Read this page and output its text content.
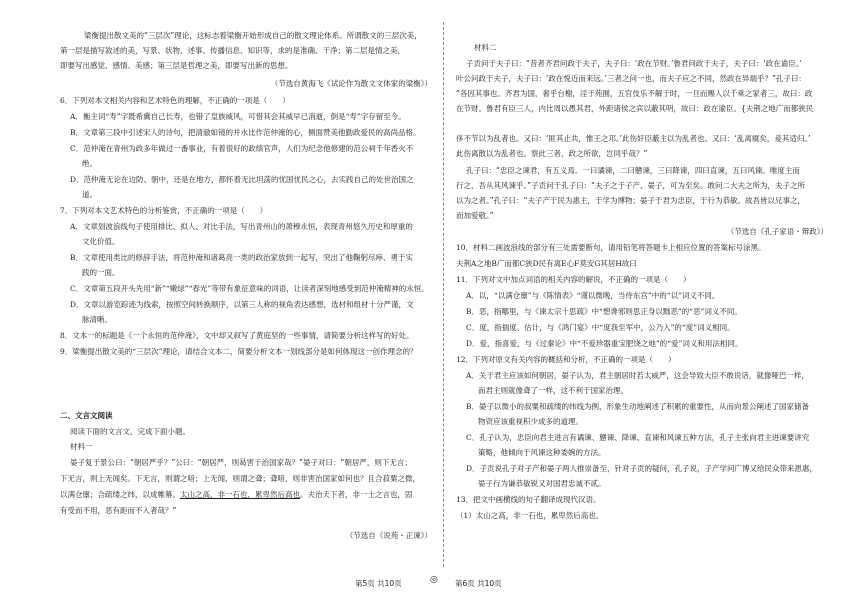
梁衡提出散文美的“三层次”理论，这标志着梁衡开始形成自己的散文理论体系。所谓散文的三层次美，
第一层是描写敘述的美，写景、状物、述事、传播信息、知识等，求的是准确、干净；第二层是情之美，
即要写出感觉、感情、美感；第三层是哲理之美，即要写出新的思想。
（节选自黄海飞《试论作为散文文体家的梁衡》）
6．下列对本文相关内容和艺术特色的理解，不正确的一项是（　　）
A．衡主词“寿”字既希冀自己长寿，也错了皇族威风，可惜其会其威早已消逝，倒是“寿”字存留至今。
B．文章第三段中引述宋人的诗句，把清澈如镜的井水比作范仲淹的心，侧面赞美他勤政爱民的高尚品格。
C．范仲淹在青州为政多年做过一番事业，有着很好的政绩官声，人们为纪念他修建的范公祠千年香火不
绝。
D．范仲淹无论在边防、朝中，还是在地方，都怀着无比坦荡的忧国忧民之心，去实践自己的处世治国之
道。
7．下列对本文艺术特色的分析鉴赏，不正确的一项是（　　）
A．文章划波浪线句子使用排比、拟人、对比手法，写出青州山的萧穆永恒，表现青州悠久历史和厚重的
文化价值。
B．文章使用类比的修辞手法，将范仲淹和诸葛亮一类的政治家放到一起写，突出了他鞠躬尽瘁、勇于实
践的一面。
C．文章第五段开头先用“新”“嫩绿”“春光”等带有象征意味的词语，让读者深刻地感受到范仲淹精神的永恒。
D．文章以游览踪迹为线索，按照空间转换顺序，以第三人称的视角表达感想，选材和组材十分严谨，文
脉清晰。
8．文本一的标题是《一个永恒的范仲淹》，文中却又叙写了黄庭坚的一些事情，请简要分析这样写的好处。
9．梁衡提出散文美的“三层次”理论，请结合文本二，简要分析文本一划线部分是如何体现这一创作理念的？
二、文言文阅读
阅读下面的文言文，完成下面小题。
材料一
晏子复于景公曰：“朝居严乎？”公曰：“朝居严，则曷害于治国家哉？”晏子对曰：“朝居严，则下无言；
下无言，则上无闻矣。下无言，则谓之喑；上无闻，则谓之聋；聋喑，则非害治国家如何也？且合菽粟之微，
以满仓廪；合疏缕之纬，以成帷幕。太山之高，非一石也，累卑然后高也。夫治天下者，非一士之言也，固
有受而不用，恶有距而不入者哉？”
（节选自《说苑・正谏》）
材料二
子贡问于夫子曰：“昔者齐君问政于夫子，夫子曰：‘政在节财。’鲁君问政于夫子，夫子曰：‘政在谕臣。’
叶公问政于夫子，夫子曰：‘政在悦近而来远。’三者之问一也，而夫子应之不同，然政在异端乎？”孔子曰：
“各因其事也。齐君为国，奢乎台榭，淫于苑囿，五官伎乐不解于时，一旦而赐人以千乘之家者三，故曰：政
在节财。鲁君有臣三人，内比周以愚其君，外距诸侯之宾以蔽其明，故曰：政在谕臣。{夫荆之地广而都狭民
侈不节以为乱者也。又曰：‘匪其止共，惟王之邛。’此伤奸臣蔽主以为乱者也。又曰：‘乱离瘼矣，爰其适归。’
此伤离散以为乱者也。察此三者，政之所欲，岂同乎哉？”
孔子曰：“忠臣之谏君，有五义焉。一曰谲谏，二曰戆谏，三曰降谏，四曰直谏，五曰风谏。唯度主而
行之，吾从其风谏乎。”子贡问于孔子曰：“夫子之于子产、晏子，可为至矣。敢问二大夫之所为，夫子之所
以为之者。”孔子曰：“夫子产于民为惠主，于学为博物；晏子于君为忠臣，于行为恭敏。故吾皆以兄事之，
而加爱敬。”
（节选自《孔子家语・辩政》）
10．材料二画波浪线的部分有三处需要断句，请用铅笔将答题卡上相应位置的答案标号涂黑。
夫荆A之地B广而都C狭D民有离E心F莫安G其居H故曰
11．下列对文中加点词语的相关内容的解说，不正确的一项是（　　）
A．以，“以满仓廪”与《陈情表》“谨以微晚，当侍东宫”中的“以”词义不同。
B．恶，指哪里，与《谏太宗十思疏》中“想谗邪则思正身以黜恶”的“恶”词义不同。
C．度，指揣度、估计，与《鸿门宴》中“度我至军中，公乃入”的“度”词义相同。
D．爱，指喜爱，与《过秦论》中“不爱珍器重宝肥饶之地”的“爱”词义和用法相同。
12．下列对原文有关内容的概括和分析，不正确的一项是（　　）
A．关于君主应该如何朝居，晏子认为，君主朝居时若太威严，这会导致大臣不敢说话，就像哑巴一样，
而君主则就像聋了一样，这不利于国家治理。
B．晏子以微小的叔粟和疏缕的纬线为例，形象生动地阐述了积累的重要性，从而向景公阐述了国家储备
物资应该重视积少成多的道理。
C．孔子认为，忠臣向君主进言有谲谏、戆谏、降谏、直谏和风谏五种方法，孔子主张向君主进谏要讲究
策略，他倾向于风谏这种委婉的方法。
D．子贡说孔子对子产和晏子两人推崇备至，针对子贡的疑问，孔子说，子产学问广博又给民众带来恩惠，
晏子行为谦恭敏锐又对国君忠诚不贰。
13．把文中画横线的句子翻译成现代汉语。
（1）太山之高，非一石也，累卑然后高也。
第5页 共10页	◎ 第6页 共10页
